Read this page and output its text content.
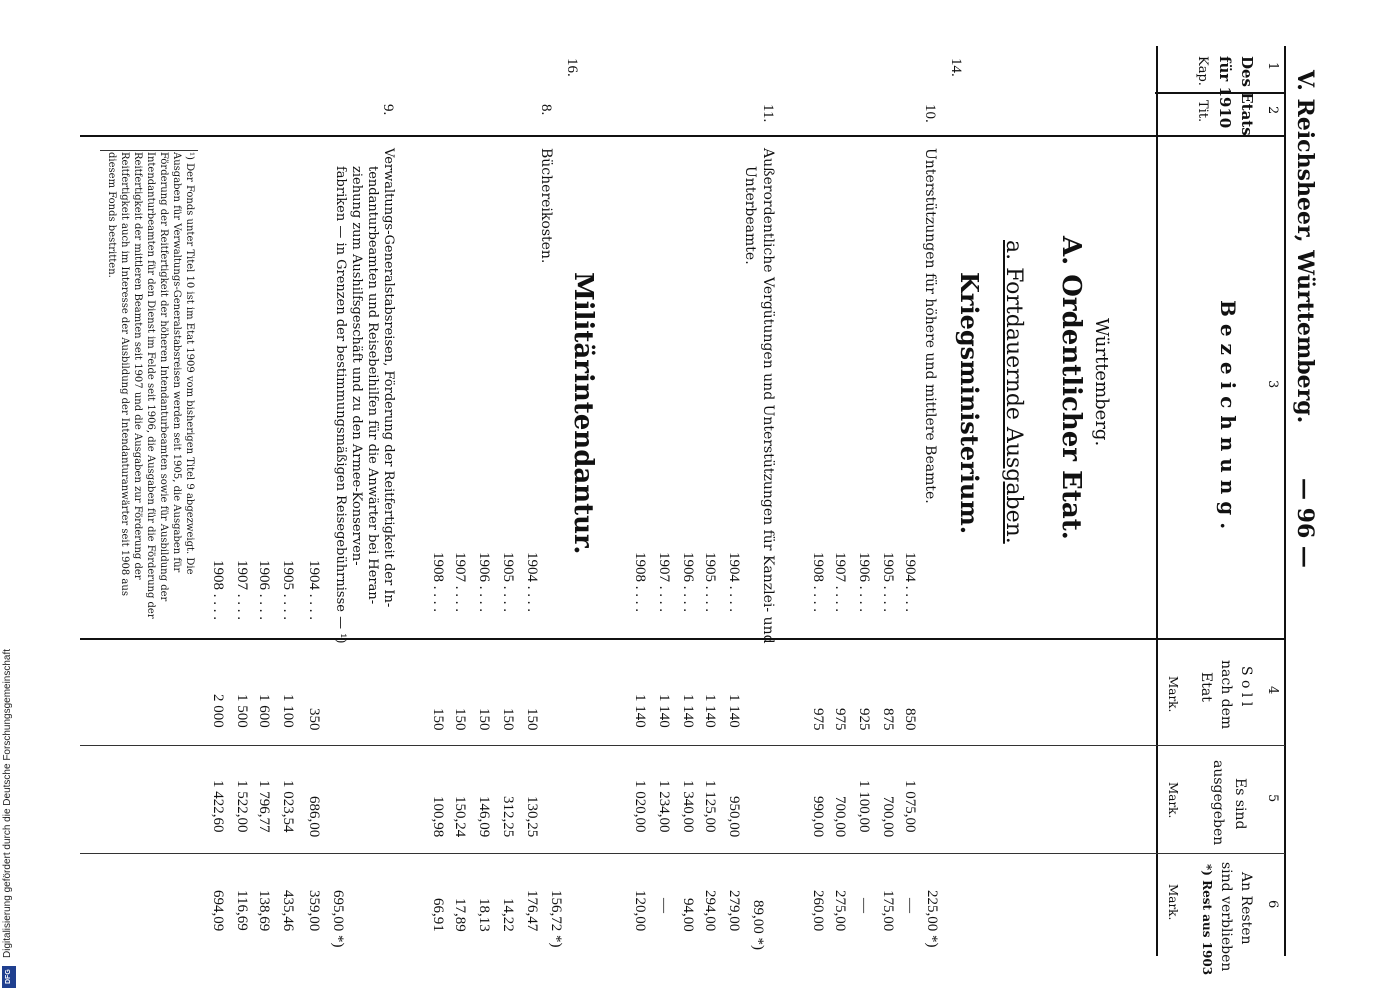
V. Reichsheer, Württemberg.
— 96 —
1
2
3
4
5
6
Des Etats
für 1910
Kap.
Tit.
B e z e i c h n u n g .
S o l l
nach dem
Etat
Mark.
Es sind
ausgegeben
Mark.
An Resten
sind verblieben
*) Rest aus 1903
Mark.
Württemberg.
A. Ordentlicher Etat.
a. Fortdauernde Ausgaben.
Kriegsministerium.
Militärintendantur.
14.
16.
10.
Unterstützungen für höhere und mittlere Beamte.
1904 . . . .
1905 . . . .
1906 . . . .
1907 . . . .
1908 . . . .
850
875
925
975
975
1 075,00
700,00
1 100,00
700,00
990,00
225,00 *)
—
175,00
—
275,00
260,00
11.
Außerordentliche Vergütungen und Unterstützungen für Kanzlei- und
Unterbeamte.
1904 . . . .
1905 . . . .
1906 . . . .
1907 . . . .
1908 . . . .
1 140
1 140
1 140
1 140
1 140
950,00
1 125,00
1 340,00
1 234,00
1 020,00
89,00 *)
279,00
294,00
94,00
—
120,00
8.
Büchereikosten.
1904 . . . .
1905 . . . .
1906 . . . .
1907 . . . .
1908 . . . .
150
150
150
150
150
130,25
312,25
146,09
150,24
100,98
156,72 *)
176,47
14,22
18,13
17,89
66,91
9.
Verwaltungs-Generalstabsreisen, Förderung der Reitfertigkeit der In-
tendanturbeamten und Reisebeihilfen für die Anwärter bei Heran-
ziehung zum Aushilfsgeschäft und zu den Armee-Konserven-
fabriken — in Grenzen der bestimmungsmäßigen Reisegebührnisse — ¹)
1904 . . . .
1905 . . . .
1906 . . . .
1907 . . . .
1908 . . . .
350
1 100
1 600
1 500
2 000
686,00
1 023,54
1 796,77
1 522,00
1 422,60
695,00 *)
359,00
435,46
138,69
116,69
694,09
¹) Der Fonds unter Titel 10 ist im Etat 1909 vom bisherigen Titel 9 abgezweigt. Die Ausgaben für Verwaltungs-Generalstabsreisen werden seit 1905, die Ausgaben für Förderung der Reitfertigkeit der höheren Intendanturbeamten sowie für Ausbildung der Intendanturbeamten für den Dienst im Felde seit 1906, die Ausgaben für die Förderung der Reitfertigkeit der mittleren Beamten seit 1907 und die Ausgaben zur Förderung der Reitfertigkeit auch im Interesse der Ausbildung der Intendanturanwärter seit 1908 aus diesem Fonds bestritten.
DFG
Digitalisierung gefördert durch die Deutsche Forschungsgemeinschaft
